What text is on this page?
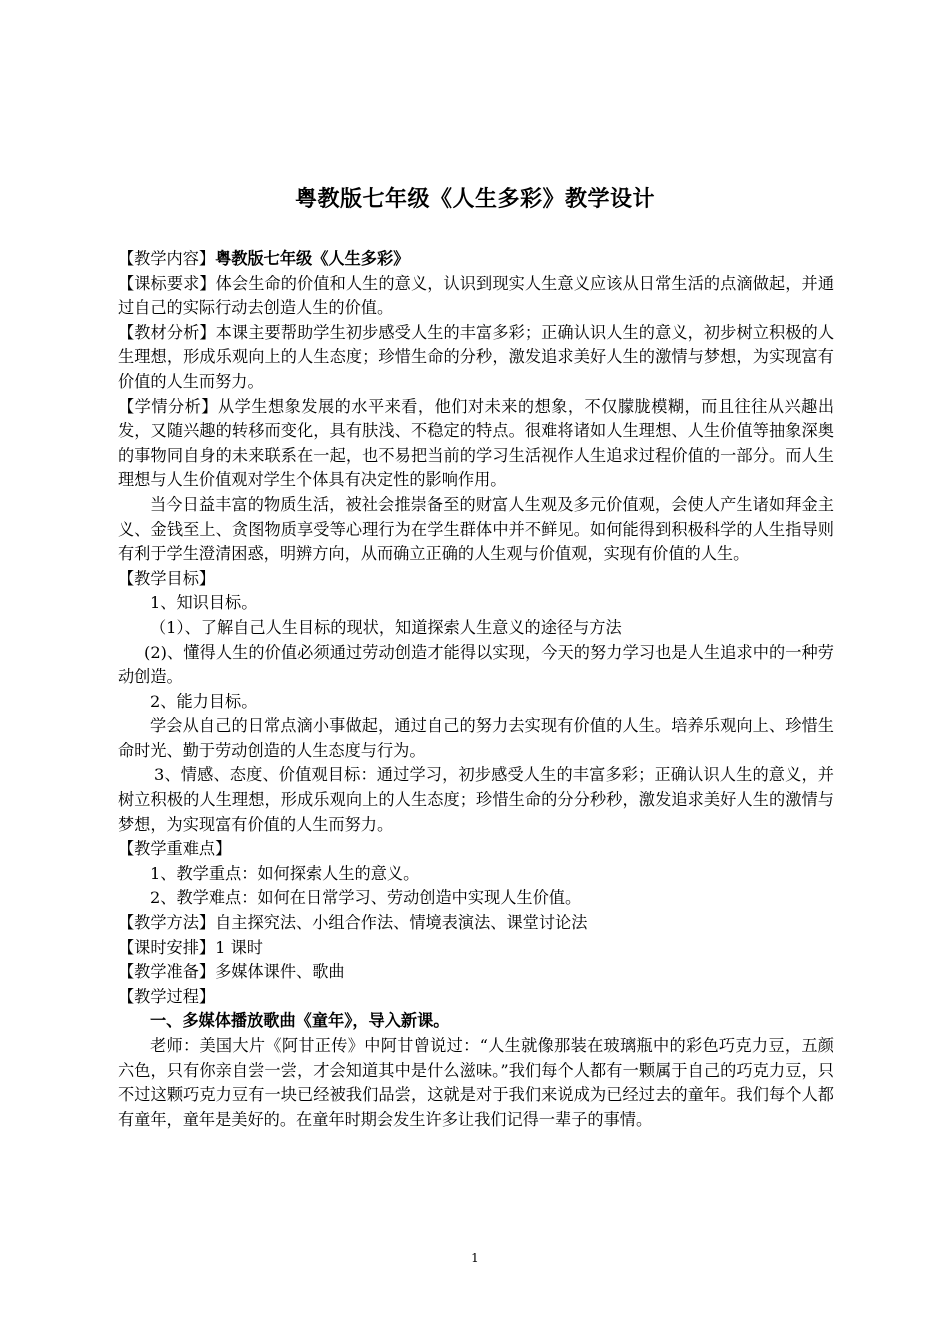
粤教版七年级《人生多彩》教学设计

【教学内容】粤教版七年级《人生多彩》

【课标要求】体会生命的价值和人生的意义，认识到现实人生意义应该从日常生活的点滴做起，并通过自己的实际行动去创造人生的价值。

【教材分析】本课主要帮助学生初步感受人生的丰富多彩；正确认识人生的意义，初步树立积极的人生理想，形成乐观向上的人生态度；珍惜生命的分秒，激发追求美好人生的激情与梦想，为实现富有价值的人生而努力。

【学情分析】从学生想象发展的水平来看，他们对未来的想象，不仅朦胧模糊，而且往往从兴趣出发，又随兴趣的转移而变化，具有肤浅、不稳定的特点。很难将诸如人生理想、人生价值等抽象深奥的事物同自身的未来联系在一起，也不易把当前的学习生活视作人生追求过程价值的一部分。而人生理想与人生价值观对学生个体具有决定性的影响作用。

当今日益丰富的物质生活，被社会推崇备至的财富人生观及多元价值观，会使人产生诸如拜金主义、金钱至上、贪图物质享受等心理行为在学生群体中并不鲜见。如何能得到积极科学的人生指导则有利于学生澄清困惑，明辨方向，从而确立正确的人生观与价值观，实现有价值的人生。

【教学目标】

1、知识目标。

（1）、了解自己人生目标的现状，知道探索人生意义的途径与方法

(2)、懂得人生的价值必须通过劳动创造才能得以实现，今天的努力学习也是人生追求中的一种劳动创造。

2、能力目标。

学会从自己的日常点滴小事做起，通过自己的努力去实现有价值的人生。培养乐观向上、珍惜生命时光、勤于劳动创造的人生态度与行为。

3、情感、态度、价值观目标：通过学习，初步感受人生的丰富多彩；正确认识人生的意义，并树立积极的人生理想，形成乐观向上的人生态度；珍惜生命的分分秒秒，激发追求美好人生的激情与梦想，为实现富有价值的人生而努力。

【教学重难点】

1、教学重点：如何探索人生的意义。

2、教学难点：如何在日常学习、劳动创造中实现人生价值。

【教学方法】自主探究法、小组合作法、情境表演法、课堂讨论法

【课时安排】1 课时

【教学准备】多媒体课件、歌曲

【教学过程】

一、多媒体播放歌曲《童年》，导入新课。

老师：美国大片《阿甘正传》中阿甘曾说过：“人生就像那装在玻璃瓶中的彩色巧克力豆，五颜六色，只有你亲自尝一尝，才会知道其中是什么滋味。”我们每个人都有一颗属于自己的巧克力豆，只不过这颗巧克力豆有一块已经被我们品尝，这就是对于我们来说成为已经过去的童年。我们每个人都有童年，童年是美好的。在童年时期会发生许多让我们记得一辈子的事情。

1
